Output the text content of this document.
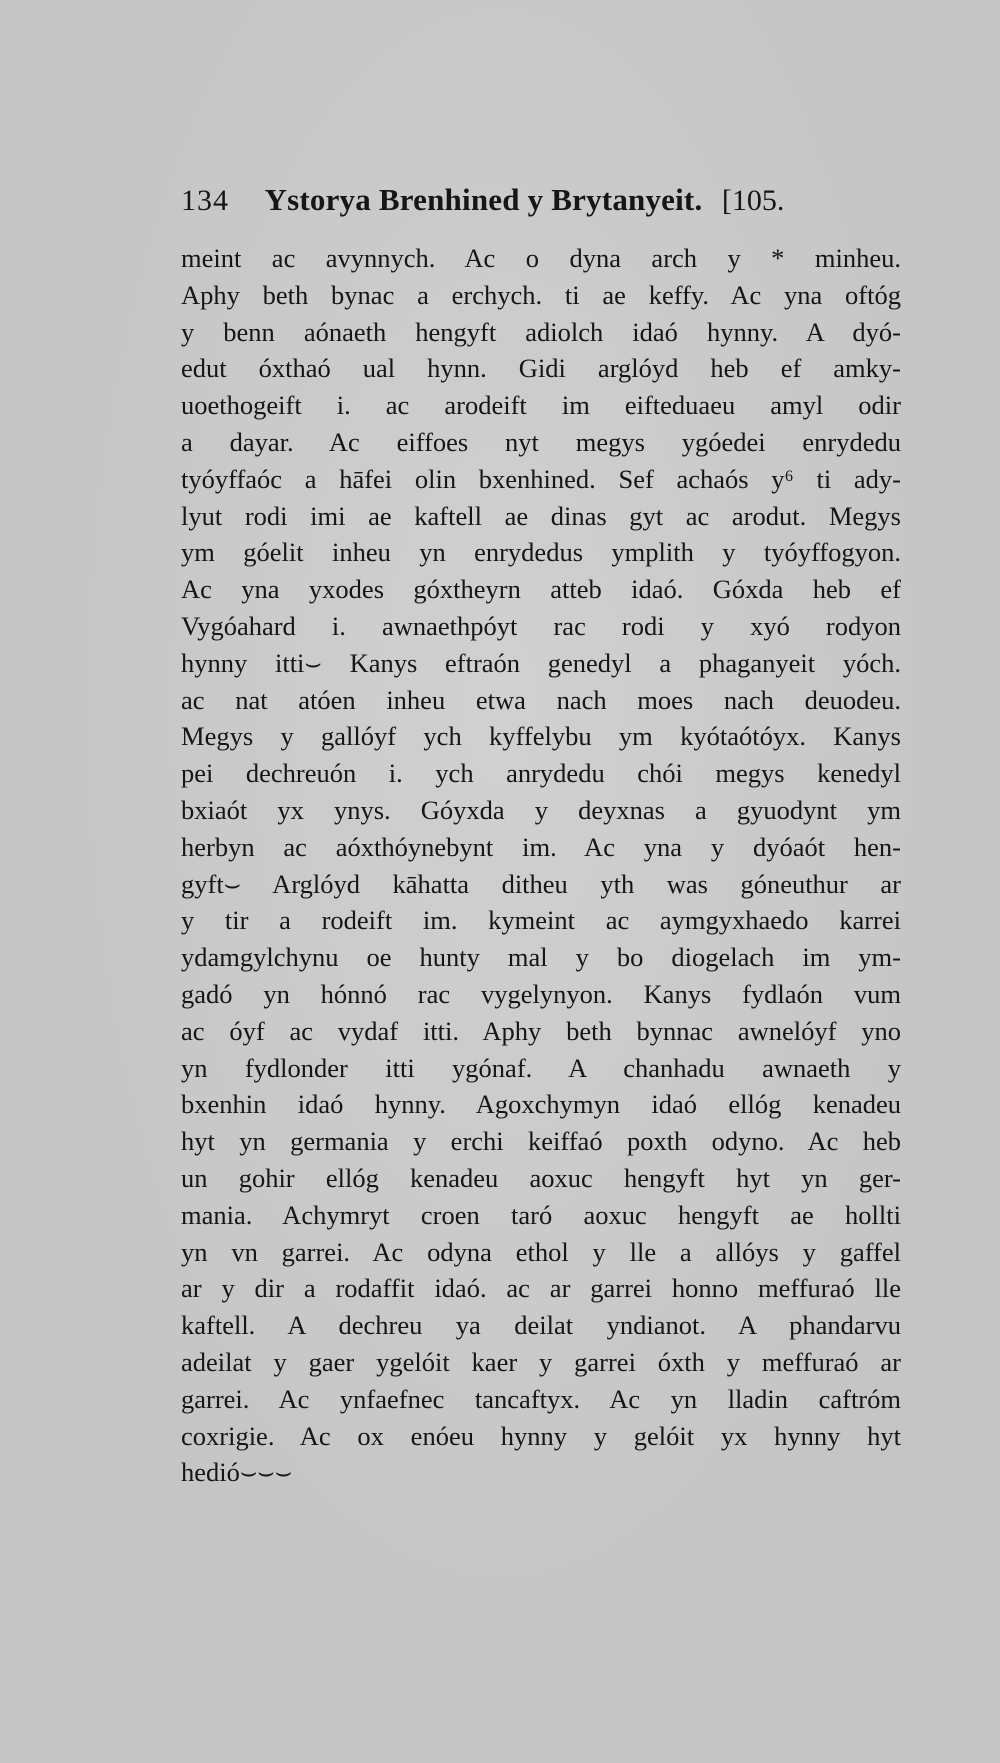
134 Ystorya Brenhined y Brytanyeit. [105.
meint ac avynnych. Ac o dyna arch y * minheu.
Aphy beth bynac a erchych. ti ae keffy. Ac yna oftóg
y benn aónaeth hengyft adiolch idaó hynny. A dyó-
edut óxthaó ual hynn. Gidi arglóyd heb ef amky-
uoethogeift i. ac arodeift im eifteduaeu amyl odir
a dayar. Ac eiffoes nyt megys ygóedei enrydedu
tyóyffaóc a hāfei olin bxenhined. Sef achaós y⁶ ti ady-
lyut rodi imi ae kaftell ae dinas gyt ac arodut. Megys
ym góelit inheu yn enrydedus ymplith y tyóyffogyon.
Ac yna yxodes góxtheyrn atteb idaó. Góxda heb ef
Vygóahard i. awnaethpóyt rac rodi y xyó rodyon
hynny itti⌣ Kanys eftraón genedyl a phaganyeit yóch.
ac nat atóen inheu etwa nach moes nach deuodeu.
Megys y gallóyf ych kyffelybu ym kyótaótóyx. Kanys
pei dechreuón i. ych anrydedu chói megys kenedyl
bxiaót yx ynys. Góyxda y deyxnas a gyuodynt ym
herbyn ac aóxthóynebynt im. Ac yna y dyóaót hen-
gyft⌣ Arglóyd kāhatta ditheu yth was góneuthur ar
y tir a rodeift im. kymeint ac aymgyxhaedo karrei
ydamgylchynu oe hunty mal y bo diogelach im ym-
gadó yn hónnó rac vygelynyon. Kanys fydlaón vum
ac óyf ac vydaf itti. Aphy beth bynnac awnelóyf yno
yn fydlonder itti ygónaf. A chanhadu awnaeth y
bxenhin idaó hynny. Agoxchymyn idaó ellóg kenadeu
hyt yn germania y erchi keiffaó poxth odyno. Ac heb
un gohir ellóg kenadeu aoxuc hengyft hyt yn ger-
mania. Achymryt croen taró aoxuc hengyft ae hollti
yn vn garrei. Ac odyna ethol y lle a allóys y gaffel
ar y dir a rodaffit idaó. ac ar garrei honno meffuraó lle
kaftell. A dechreu ya deilat yndianot. A phandarvu
adeilat y gaer ygelóit kaer y garrei óxth y meffuraó ar
garrei. Ac ynfaefnec tancaftyx. Ac yn lladin caftróm
coxrigie. Ac ox enóeu hynny y gelóit yx hynny hyt
hedió⌣⌣⌣
